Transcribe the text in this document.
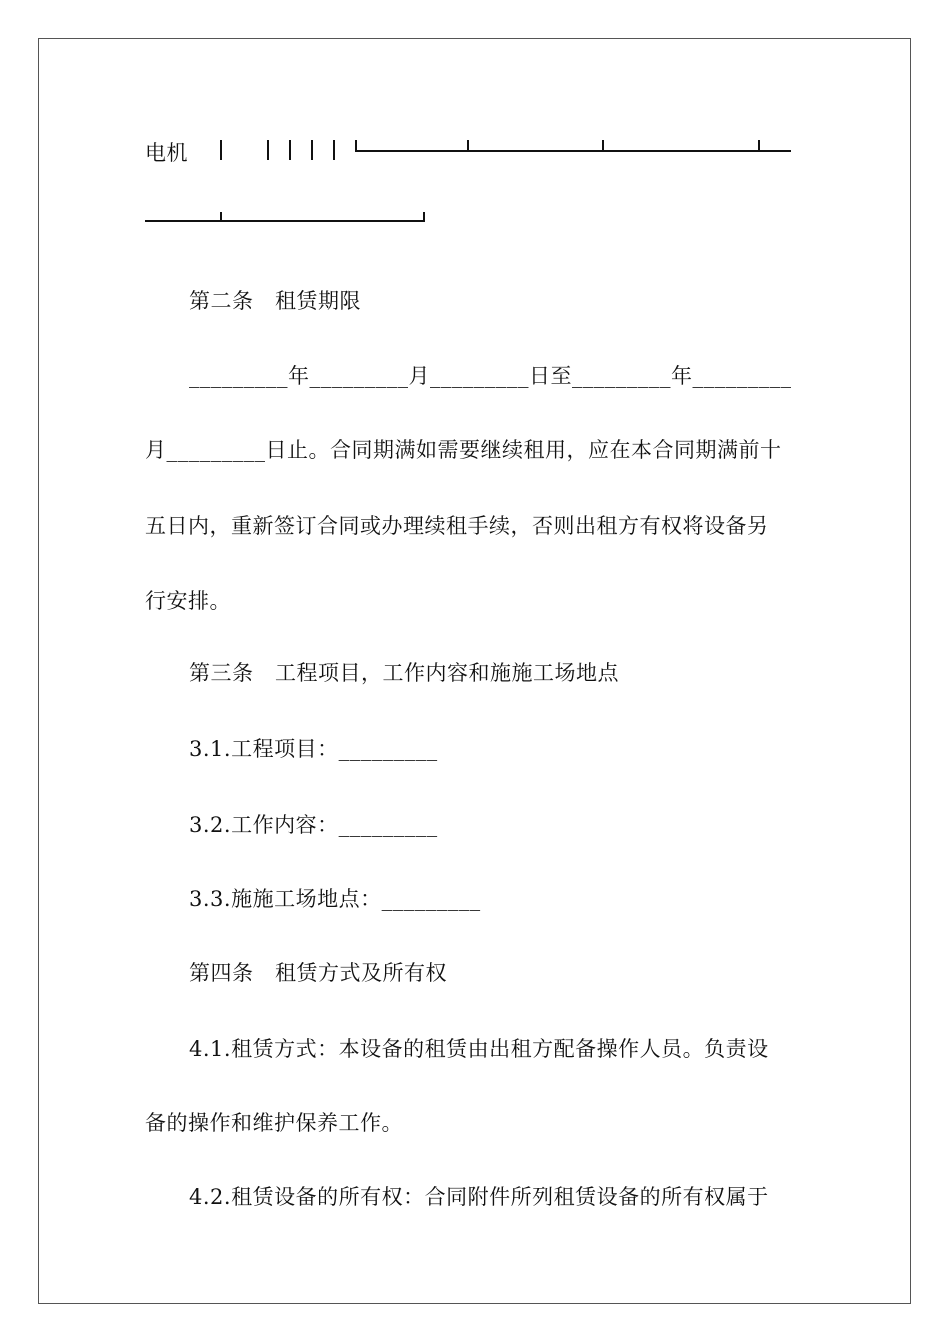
电机
第二条　租赁期限
_________年_________月_________日至_________年_________
月_________日止。合同期满如需要继续租用，应在本合同期满前十
五日内，重新签订合同或办理续租手续，否则出租方有权将设备另
行安排。
第三条　工程项目，工作内容和施施工场地点
3.1.工程项目：_________
3.2.工作内容：_________
3.3.施施工场地点：_________
第四条　租赁方式及所有权
4.1.租赁方式：本设备的租赁由出租方配备操作人员。负责设
备的操作和维护保养工作。
4.2.租赁设备的所有权：合同附件所列租赁设备的所有权属于
